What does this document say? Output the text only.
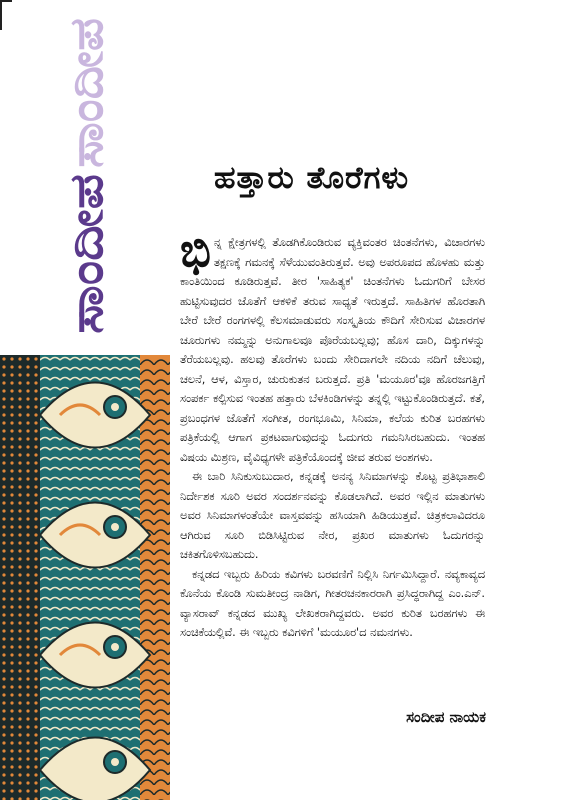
ಸಾಂದೀಪ
ಸಾಂದೀಪ
ಹತ್ತಾರು ತೊರೆಗಳು

ಭಿನ್ನ ಕ್ಷೇತ್ರಗಳಲ್ಲಿ ತೊಡಗಿಕೊಂಡಿರುವ ವ್ಯಕ್ತಿವಂತರ ಚಿಂತನೆಗಳು, ವಿಚಾರಗಳು ತಕ್ಷಣಕ್ಕೆ ಗಮನಕ್ಕೆ ಸೆಳೆಯುವಂತಿರುತ್ತವೆ. ಅವು ಅಪರೂಪದ ಹೊಳಹು ಮತ್ತು ಕಾಂತಿಯಿಂದ ಕೂಡಿರುತ್ತವೆ. ತೀರ 'ಸಾಹಿತ್ಯಕ' ಚಿಂತನೆಗಳು ಓದುಗರಿಗೆ ಬೇಸರ ಹುಟ್ಟಿಸುವುದರ ಜೊತೆಗೆ ಆಕಳಿಕೆ ತರುವ ಸಾಧ್ಯತೆ ಇರುತ್ತದೆ. ಸಾಹಿತಿಗಳ ಹೊರತಾಗಿ ಬೇರೆ ಬೇರೆ ರಂಗಗಳಲ್ಲಿ ಕೆಲಸಮಾಡುವರು ಸಂಸ್ಕೃತಿಯ ಕೌದಿಗೆ ಸೇರಿಸುವ ವಿಚಾರಗಳ ಚೂರುಗಳು ನಮ್ಮನ್ನು ಅನುಗಾಲವೂ ಪೊರೆಯಬಲ್ಲವು; ಹೊಸ ದಾರಿ, ದಿಕ್ಕುಗಳನ್ನು ತೆರೆಯಬಲ್ಲವು. ಹಲವು ತೊರೆಗಳು ಬಂದು ಸೇರಿದಾಗಲೇ ನದಿಯ ನದಿಗೆ ಚೆಲುವು, ಚಲನೆ, ಆಳ, ವಿಸ್ತಾರ, ಚುರುಕುತನ ಬರುತ್ತದೆ. ಪ್ರತಿ 'ಮಯೂರ'ವೂ ಹೊರಜಗತ್ತಿಗೆ ಸಂಪರ್ಕ ಕಲ್ಪಿಸುವ ಇಂತಹ ಹತ್ತಾರು ಬೆಳಕಿಂಡಿಗಳನ್ನು ತನ್ನಲ್ಲಿ ಇಟ್ಟುಕೊಂಡಿರುತ್ತದೆ. ಕತೆ, ಪ್ರಬಂಧಗಳ ಜೊತೆಗೆ ಸಂಗೀತ, ರಂಗಭೂಮಿ, ಸಿನಿಮಾ, ಕಲೆಯ ಕುರಿತ ಬರಹಗಳು ಪತ್ರಿಕೆಯಲ್ಲಿ ಆಗಾಗ ಪ್ರಕಟವಾಗುವುದನ್ನು ಓದುಗರು ಗಮನಿಸಿರಬಹುದು. ಇಂತಹ ವಿಷಯ ಮಿಶ್ರಣ, ವೈವಿಧ್ಯಗಳೇ ಪತ್ರಿಕೆಯೊಂದಕ್ಕೆ ಜೀವ ತರುವ ಅಂಶಗಳು.

ಈ ಬಾರಿ ಸಿನಿಕುಸುಬುದಾರ, ಕನ್ನಡಕ್ಕೆ ಅನನ್ಯ ಸಿನಿಮಾಗಳನ್ನು ಕೊಟ್ಟ ಪ್ರತಿಭಾಶಾಲಿ ನಿರ್ದೇಶಕ ಸೂರಿ ಅವರ ಸಂದರ್ಶನವನ್ನು ಕೊಡಲಾಗಿದೆ. ಅವರ ಇಲ್ಲಿನ ಮಾತುಗಳು ಅವರ ಸಿನಿಮಾಗಳಂತೆಯೇ ವಾಸ್ತವವನ್ನು ಹಸಿಯಾಗಿ ಹಿಡಿಯುತ್ತವೆ. ಚಿತ್ರಕಲಾವಿದರೂ ಆಗಿರುವ ಸೂರಿ ಬಿಡಿಸಿಟ್ಟಿರುವ ನೇರ, ಪ್ರಖರ ಮಾತುಗಳು ಓದುಗರನ್ನು ಚಕಿತಗೊಳಿಸಬಹುದು.

ಕನ್ನಡದ ಇಬ್ಬರು ಹಿರಿಯ ಕವಿಗಳು ಬರವಣಿಗೆ ನಿಲ್ಲಿಸಿ ನಿರ್ಗಮಿಸಿದ್ದಾರೆ. ನವ್ಯಕಾವ್ಯದ ಕೊನೆಯ ಕೊಂಡಿ ಸುಮತೀಂದ್ರ ನಾಡಿಗ, ಗೀತರಚನಕಾರರಾಗಿ ಪ್ರಸಿದ್ಧರಾಗಿದ್ದ ಎಂ.ಎನ್. ವ್ಯಾಸರಾವ್ ಕನ್ನಡದ ಮುಖ್ಯ ಲೇಖಕರಾಗಿದ್ದವರು. ಅವರ ಕುರಿತ ಬರಹಗಳು ಈ ಸಂಚಿಕೆಯಲ್ಲಿವೆ. ಈ ಇಬ್ಬರು ಕವಿಗಳಿಗೆ 'ಮಯೂರ'ದ ನಮನಗಳು.

ಸಂದೀಪ ನಾಯಕ
